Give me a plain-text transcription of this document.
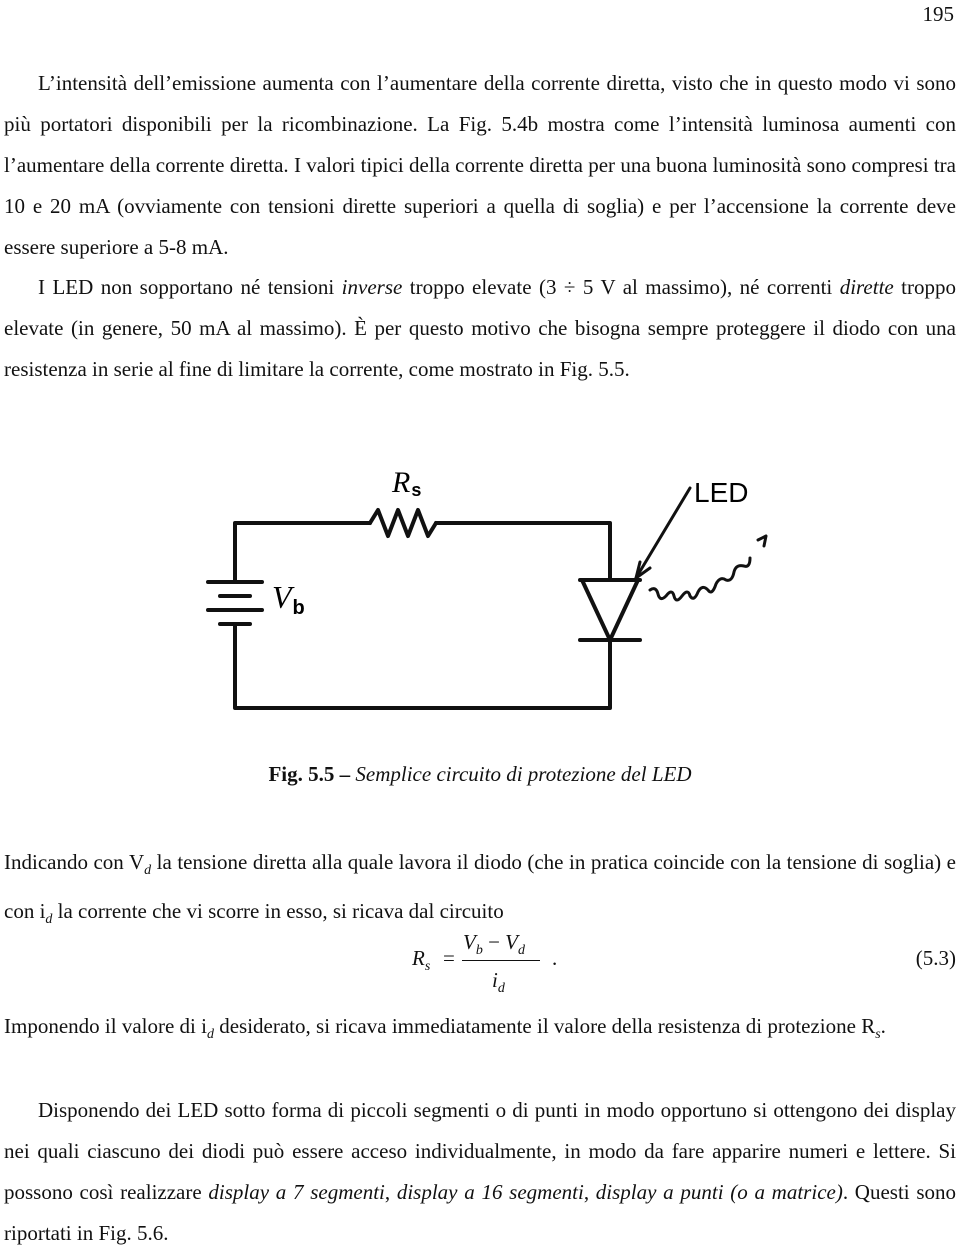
195

L’intensità dell’emissione aumenta con l’aumentare della corrente diretta, visto che in questo modo vi sono più portatori disponibili per la ricombinazione. La Fig. 5.4b mostra come l’intensità luminosa aumenti con l’aumentare della corrente diretta. I valori tipici della corrente diretta per una buona luminosità sono compresi tra 10 e 20 mA (ovviamente con tensioni dirette superiori a quella di soglia) e per l’accensione la corrente deve essere superiore a 5-8 mA.

I LED non sopportano né tensioni inverse troppo elevate (3 ÷ 5 V al massimo), né correnti dirette troppo elevate (in genere, 50 mA al massimo). È per questo motivo che bisogna sempre proteggere il diodo con una resistenza in serie al fine di limitare la corrente, come mostrato in Fig. 5.5.

Rs
Vb
LED
Fig. 5.5 – Semplice circuito di protezione del LED

Indicando con $V_d$ la tensione diretta alla quale lavora il diodo (che in pratica coincide con la tensione di soglia) e con $i_d$ la corrente che vi scorre in esso, si ricava dal circuito

$R_s$ =
$V_b - V_d$
$i_d$
.	(5.3)

Imponendo il valore di $i_d$ desiderato, si ricava immediatamente il valore della resistenza di protezione $R_s$.

Disponendo dei LED sotto forma di piccoli segmenti o di punti in modo opportuno si ottengono dei display nei quali ciascuno dei diodi può essere acceso individualmente, in modo da fare apparire numeri e lettere. Si possono così realizzare display a 7 segmenti, display a 16 segmenti, display a punti (o a matrice). Questi sono riportati in Fig. 5.6.
